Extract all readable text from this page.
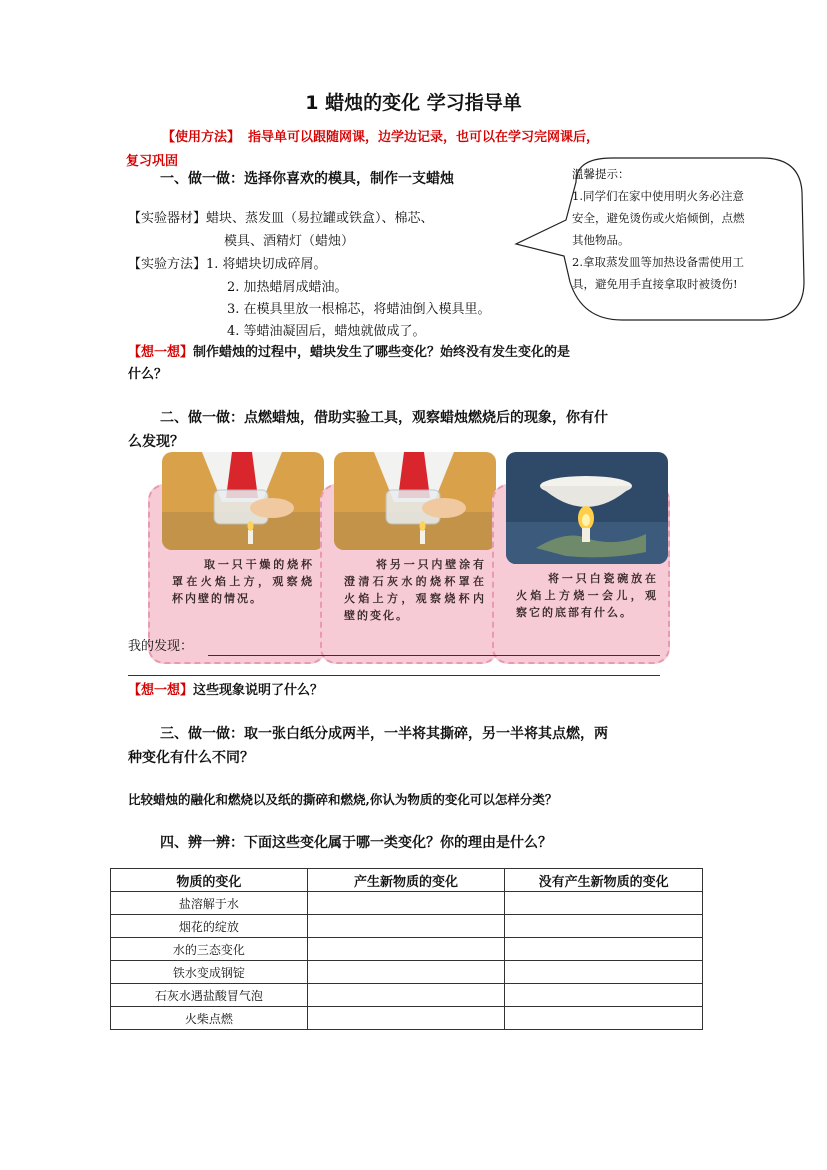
1 蜡烛的变化 学习指导单
【使用方法】 指导单可以跟随网课，边学边记录，也可以在学习完网课后，
复习巩固
一、做一做：选择你喜欢的模具，制作一支蜡烛
【实验器材】蜡块、蒸发皿（易拉罐或铁盒）、棉芯、
模具、酒精灯（蜡烛）
【实验方法】1. 将蜡块切成碎屑。
2. 加热蜡屑成蜡油。
3. 在模具里放一根棉芯，将蜡油倒入模具里。
4. 等蜡油凝固后，蜡烛就做成了。
【想一想】制作蜡烛的过程中，蜡块发生了哪些变化？始终没有发生变化的是
什么？
温馨提示：
1.同学们在家中使用明火务必注意
安全，避免烫伤或火焰倾倒，点燃
其他物品。
2.拿取蒸发皿等加热设备需使用工
具，避免用手直接拿取时被烫伤!
二、做一做：点燃蜡烛，借助实验工具，观察蜡烛燃烧后的现象，你有什
么发现？
取一只干燥的烧杯罩在火焰上方，观察烧杯内壁的情况。
将另一只内壁涂有澄清石灰水的烧杯罩在火焰上方，观察烧杯内壁的变化。
将一只白瓷碗放在火焰上方烧一会儿，观察它的底部有什么。
我的发现：
【想一想】这些现象说明了什么？
三、做一做：取一张白纸分成两半，一半将其撕碎，另一半将其点燃，两
种变化有什么不同？
比较蜡烛的融化和燃烧以及纸的撕碎和燃烧,你认为物质的变化可以怎样分类？
四、辨一辨：下面这些变化属于哪一类变化？你的理由是什么？
物质的变化	产生新物质的变化	没有产生新物质的变化
盐溶解于水		
烟花的绽放		
水的三态变化		
铁水变成钢锭		
石灰水遇盐酸冒气泡		
火柴点燃		
